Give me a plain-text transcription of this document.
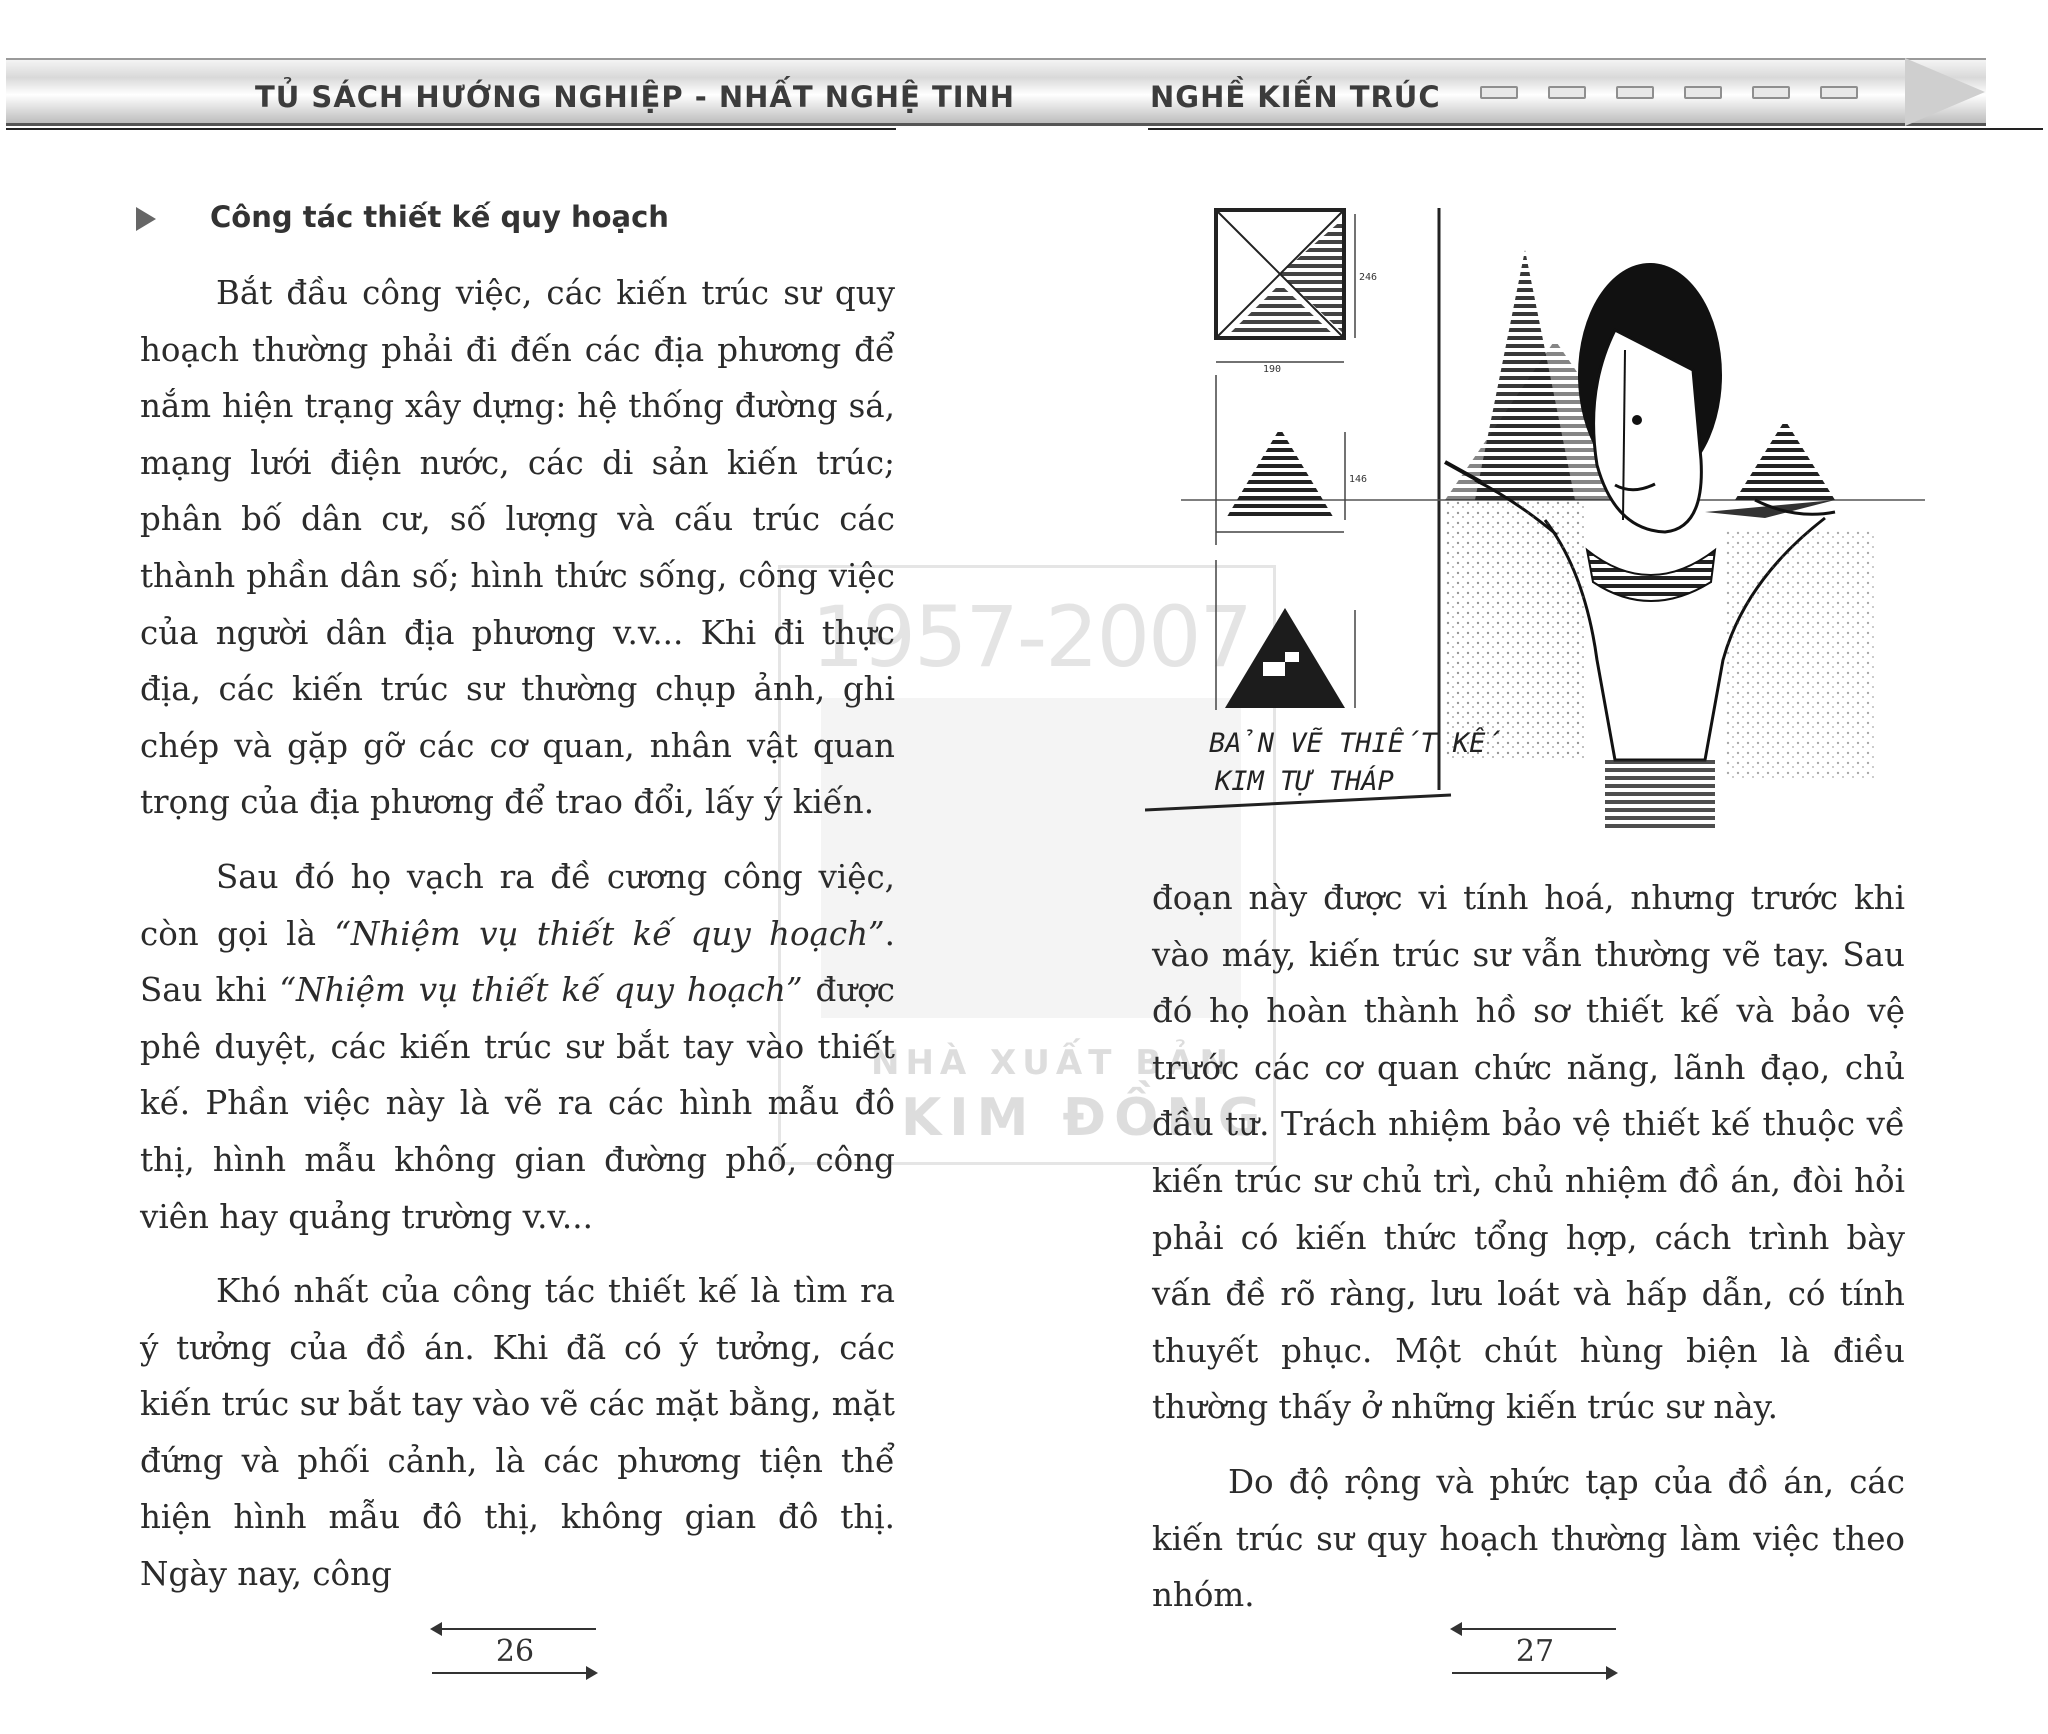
TỦ SÁCH HƯỚNG NGHIỆP - NHẤT NGHỆ TINH	NGHỀ KIẾN TRÚC
1957-2007
NHÀ XUẤT BẢN
KIM ĐỒNG
Công tác thiết kế quy hoạch

Bắt đầu công việc, các kiến trúc sư quy hoạch thường phải đi đến các địa phương để nắm hiện trạng xây dựng: hệ thống đường sá, mạng lưới điện nước, các di sản kiến trúc; phân bố dân cư, số lượng và cấu trúc các thành phần dân số; hình thức sống, công việc của người dân địa phương v.v... Khi đi thực địa, các kiến trúc sư thường chụp ảnh, ghi chép và gặp gỡ các cơ quan, nhân vật quan trọng của địa phương để trao đổi, lấy ý kiến.

Sau đó họ vạch ra đề cương công việc, còn gọi là “Nhiệm vụ thiết kế quy hoạch”. Sau khi “Nhiệm vụ thiết kế quy hoạch” được phê duyệt, các kiến trúc sư bắt tay vào thiết kế. Phần việc này là vẽ ra các hình mẫu đô thị, hình mẫu không gian đường phố, công viên hay quảng trường v.v...

Khó nhất của công tác thiết kế là tìm ra ý tưởng của đồ án. Khi đã có ý tưởng, các kiến trúc sư bắt tay vào vẽ các mặt bằng, mặt đứng và phối cảnh, là các phương tiện thể hiện hình mẫu đô thị, không gian đô thị. Ngày nay, công

26
246
190
146
BẢN VẼ THIẾT KẾ
KIM TỰ THÁP

đoạn này được vi tính hoá, nhưng trước khi vào máy, kiến trúc sư vẫn thường vẽ tay. Sau đó họ hoàn thành hồ sơ thiết kế và bảo vệ trước các cơ quan chức năng, lãnh đạo, chủ đầu tư. Trách nhiệm bảo vệ thiết kế thuộc về kiến trúc sư chủ trì, chủ nhiệm đồ án, đòi hỏi phải có kiến thức tổng hợp, cách trình bày vấn đề rõ ràng, lưu loát và hấp dẫn, có tính thuyết phục. Một chút hùng biện là điều thường thấy ở những kiến trúc sư này.

Do độ rộng và phức tạp của đồ án, các kiến trúc sư quy hoạch thường làm việc theo nhóm.

27
